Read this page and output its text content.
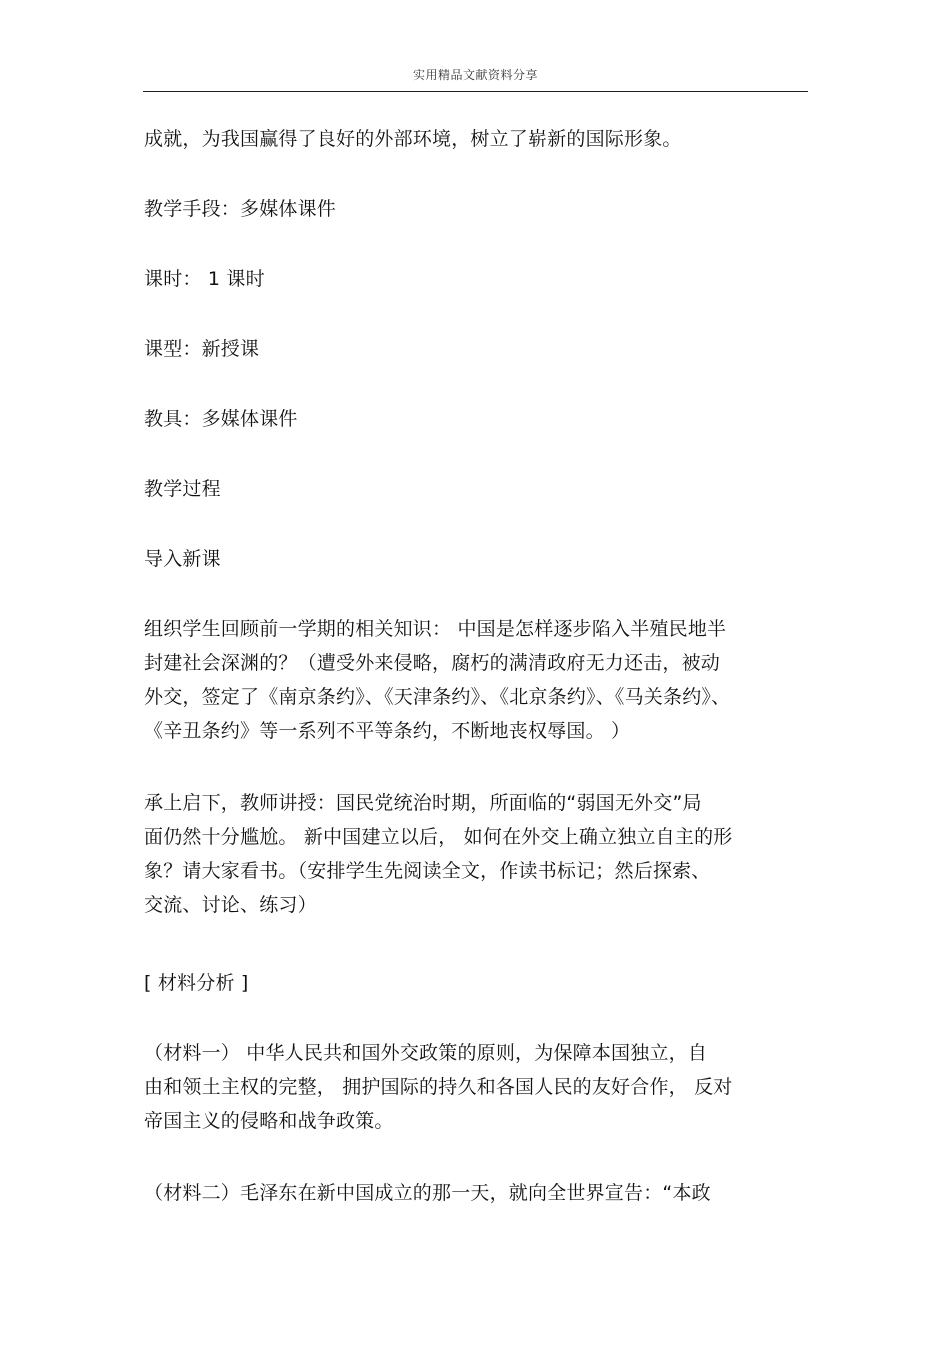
实用精品文献资料分享

成就，为我国赢得了良好的外部环境，树立了崭新的国际形象。

教学手段：多媒体课件

课时： 1 课时

课型：新授课

教具：多媒体课件

教学过程

导入新课

组织学生回顾前一学期的相关知识： 中国是怎样逐步陷入半殖民地半
封建社会深渊的？（遭受外来侵略，腐朽的满清政府无力还击，被动
外交，签定了《南京条约》、《天津条约》、《北京条约》、《马关条约》、
《辛丑条约》等一系列不平等条约，不断地丧权辱国。 ）

承上启下，教师讲授：国民党统治时期，所面临的“弱国无外交”局
面仍然十分尴尬。 新中国建立以后， 如何在外交上确立独立自主的形
象？请大家看书。（安排学生先阅读全文，作读书标记；然后探索、
交流、讨论、练习）

[ 材料分析 ]

（材料一） 中华人民共和国外交政策的原则，为保障本国独立，自
由和领土主权的完整， 拥护国际的持久和各国人民的友好合作， 反对
帝国主义的侵略和战争政策。

（材料二）毛泽东在新中国成立的那一天，就向全世界宣告：“本政
